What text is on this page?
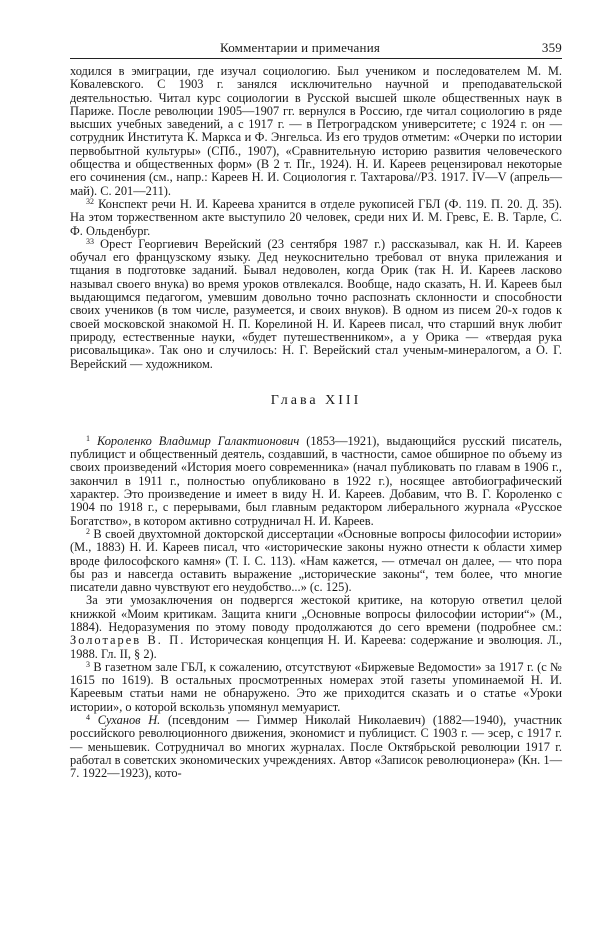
Комментарии и примечания	359

ходился в эмиграции, где изучал социологию. Был учеником и последователем М. М. Ковалевского. С 1903 г. занялся исключительно научной и преподавательской деятельностью. Читал курс социологии в Русской высшей школе общественных наук в Париже. После революции 1905—1907 гг. вернулся в Россию, где читал социологию в ряде высших учебных заведений, а с 1917 г. — в Петроградском университете; с 1924 г. он — сотрудник Института К. Маркса и Ф. Энгельса. Из его трудов отметим: «Очерки по истории первобытной культуры» (СПб., 1907), «Сравнительную историю развития человеческого общества и общественных форм» (В 2 т. Пг., 1924). Н. И. Кареев рецензировал некоторые его сочинения (см., напр.: Кареев Н. И. Социология г. Тахтарова//РЗ. 1917. IV—V (апрель—май). С. 201—211).

$^{32}$ Конспект речи Н. И. Кареева хранится в отделе рукописей ГБЛ (Ф. 119. П. 20. Д. 35). На этом торжественном акте выступило 20 человек, среди них И. М. Гревс, Е. В. Тарле, С. Ф. Ольденбург.

$^{33}$ Орест Георгиевич Верейский (23 сентября 1987 г.) рассказывал, как Н. И. Кареев обучал его французскому языку. Дед неукоснительно требовал от внука прилежания и тщания в подготовке заданий. Бывал недоволен, когда Орик (так Н. И. Кареев ласково называл своего внука) во время уроков отвлекался. Вообще, надо сказать, Н. И. Кареев был выдающимся педагогом, умевшим довольно точно распознать склонности и способности своих учеников (в том числе, разумеется, и своих внуков). В одном из писем 20-х годов к своей московской знакомой Н. П. Корелиной Н. И. Кареев писал, что старший внук любит природу, естественные науки, «будет путешественником», а у Орика — «твердая рука рисовальщика». Так оно и случилось: Н. Г. Верейский стал ученым-минералогом, а О. Г. Верейский — художником.

Глава XIII

$^1$ Короленко Владимир Галактионович (1853—1921), выдающийся русский писатель, публицист и общественный деятель, создавший, в частности, самое обширное по объему из своих произведений «История моего современника» (начал публиковать по главам в 1906 г., закончил в 1911 г., полностью опубликовано в 1922 г.), носящее автобиографический характер. Это произведение и имеет в виду Н. И. Кареев. Добавим, что В. Г. Короленко с 1904 по 1918 г., с перерывами, был главным редактором либерального журнала «Русское Богатство», в котором активно сотрудничал Н. И. Кареев.

$^2$ В своей двухтомной докторской диссертации «Основные вопросы философии истории» (М., 1883) Н. И. Кареев писал, что «исторические законы нужно отнести к области химер вроде философского камня» (Т. I. С. 113). «Нам кажется, — отмечал он далее, — что пора бы раз и навсегда оставить выражение „исторические законы“, тем более, что многие писатели давно чувствуют его неудобство...» (с. 125).

За эти умозаключения он подвергся жестокой критике, на которую ответил целой книжкой «Моим критикам. Защита книги „Основные вопросы философии истории“» (М., 1884). Недоразумения по этому поводу продолжаются до сего времени (подробнее см.: Золотарев В. П. Историческая концепция Н. И. Кареева: содержание и эволюция. Л., 1988. Гл. II, § 2).

$^3$ В газетном зале ГБЛ, к сожалению, отсутствуют «Биржевые Ведомости» за 1917 г. (с № 1615 по 1619). В остальных просмотренных номерах этой газеты упоминаемой Н. И. Кареевым статьи нами не обнаружено. Это же приходится сказать и о статье «Уроки истории», о которой вскользь упомянул мемуарист.

$^4$ Суханов Н. (псевдоним — Гиммер Николай Николаевич) (1882—1940), участник российского революционного движения, экономист и публицист. С 1903 г. — эсер, с 1917 г. — меньшевик. Сотрудничал во многих журналах. После Октябрьской революции 1917 г. работал в советских экономических учреждениях. Автор «Записок революционера» (Кн. 1—7. 1922—1923), кото-
